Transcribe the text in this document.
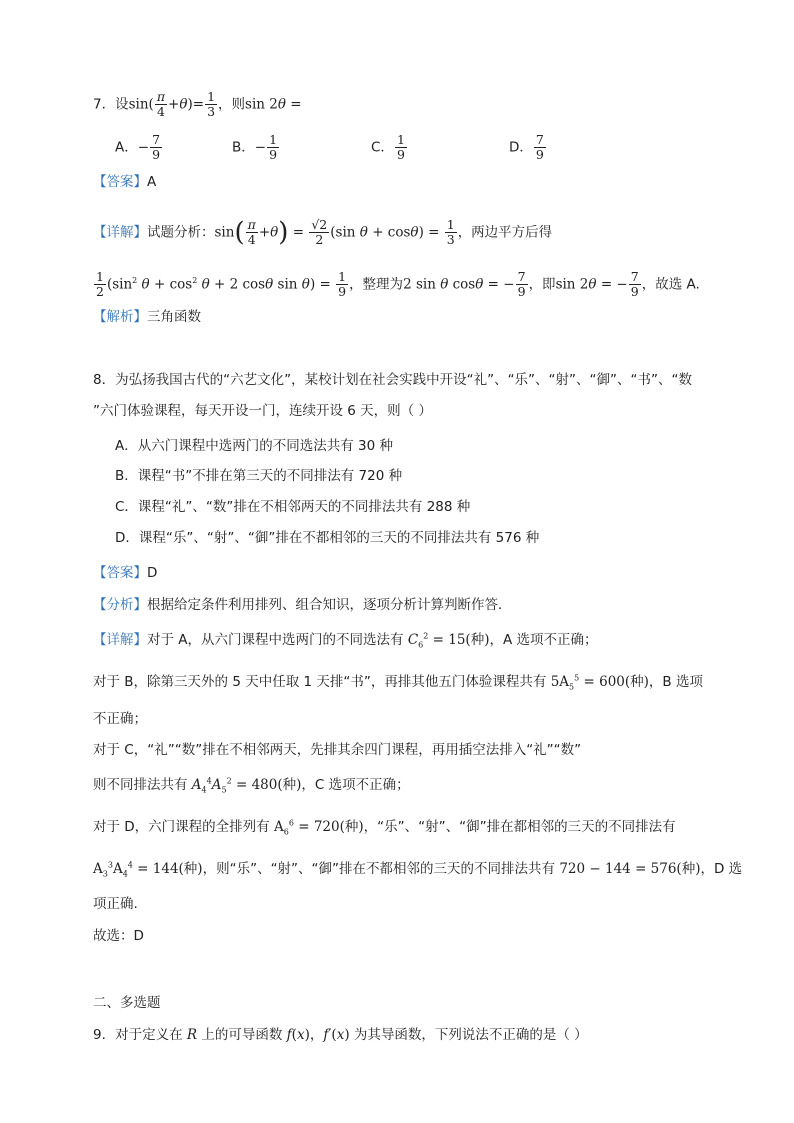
7．设$\sin( \frac{\pi}{4} +\theta)= \frac{1}{3}$ ，则sin 2θ =
A．− $\frac{7}{9}$	B．− $\frac{1}{9}$	C． $\frac{1}{9}$	D． $\frac{7}{9}$
【答案】A
【详解】试题分析：$\sin( \frac{\pi}{4} +\theta) = \frac{√2}{2} (\sin$ $\theta + \cos\theta) = \frac{1}{3}$ ，两边平方后得
$\frac{1}{2} (\sin^2$ $\theta + \cos^2 \theta + 2$ cosθ $\sin \theta) = \frac{1}{9}$ ，整理为2 sin θ cosθ = − $\frac{7}{9}$ ，即sin 2θ = − $\frac{7}{9}$ ，故选 A.
【解析】三角函数
8．为弘扬我国古代的“六艺文化”，某校计划在社会实践中开设“礼”、“乐”、“射”、“御”、“书”、“数
”六门体验课程，每天开设一门，连续开设 6 天，则（ ）
A．从六门课程中选两门的不同选法共有 30 种
B．课程“书”不排在第三天的不同排法有 720 种
C．课程“礼”、“数”排在不相邻两天的不同排法共有 288 种
D．课程“乐”、“射”、“御”排在不都相邻的三天的不同排法共有 576 种
【答案】D
【分析】根据给定条件利用排列、组合知识，逐项分析计算判断作答．
【详解】对于 A，从六门课程中选两门的不同选法有 $C_6^2 = 15$(种)，A 选项不正确；
对于 B，除第三天外的 5 天中任取 1 天排“书”，再排其他五门体验课程共有 $5A_5^5 = 600$(种)，B 选项
不正确；
对于 C，“礼”“数”排在不相邻两天，先排其余四门课程，再用插空法排入“礼”“数”
则不同排法共有 $A_4^4A_5^2 = 480$(种)，C 选项不正确；
对于 D，六门课程的全排列有 $A_6^6 = 720$(种)，“乐”、“射”、“御”排在都相邻的三天的不同排法有
$A_3^3A_4^4 = 144$(种)，则“乐”、“射”、“御”排在不都相邻的三天的不同排法共有 720 − 144 = 576(种)，D 选
项正确.
故选：D
二、多选题
9．对于定义在 R 上的可导函数 f(x)，f′(x) 为其导函数，下列说法不正确的是（ ）
